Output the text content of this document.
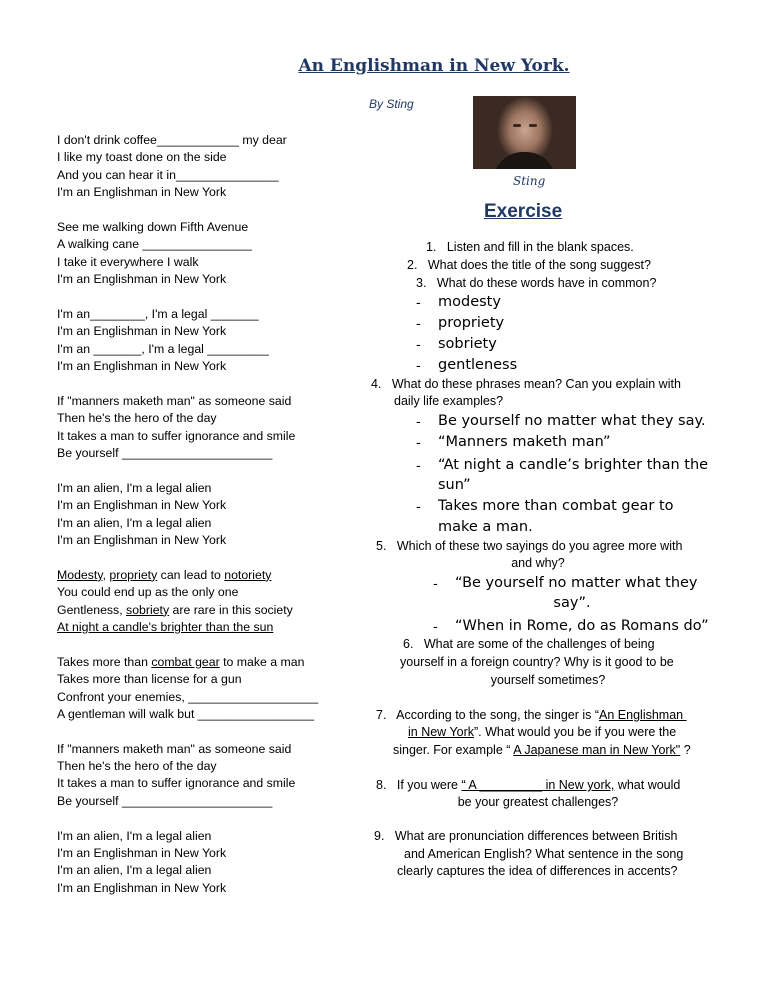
An Englishman in New York.
By Sting
Sting
Exercise
I don't drink coffee____________ my dear
I like my toast done on the side
And you can hear it in_______________
I'm an Englishman in New York
See me walking down Fifth Avenue
A walking cane ________________
I take it everywhere I walk
I'm an Englishman in New York
I'm an________, I'm a legal _______
I'm an Englishman in New York
I'm an _______, I'm a legal _________
I'm an Englishman in New York
If "manners maketh man" as someone said
Then he's the hero of the day
It takes a man to suffer ignorance and smile
Be yourself ______________________
I'm an alien, I'm a legal alien
I'm an Englishman in New York
I'm an alien, I'm a legal alien
I'm an Englishman in New York
Modesty, propriety can lead to notoriety
You could end up as the only one
Gentleness, sobriety are rare in this society
At night a candle's brighter than the sun
Takes more than combat gear to make a man
Takes more than license for a gun
Confront your enemies, ___________________
A gentleman will walk but _________________
If "manners maketh man" as someone said
Then he's the hero of the day
It takes a man to suffer ignorance and smile
Be yourself ______________________
I'm an alien, I'm a legal alien
I'm an Englishman in New York
I'm an alien, I'm a legal alien
I'm an Englishman in New York
1.   Listen and fill in the blank spaces.
2.   What does the title of the song suggest?
3.   What do these words have in common?
- modesty
- propriety
- sobriety
- gentleness
4.   What do these phrases mean? Can you explain with
daily life examples?
- Be yourself no matter what they say.
- “Manners maketh man”
- “At night a candle’s brighter than the
sun”
- Takes more than combat gear to
make a man.
5.   Which of these two sayings do you agree more with
and why?
- “Be yourself no matter what they
say”.
- “When in Rome, do as Romans do”
6.   What are some of the challenges of being
yourself in a foreign country? Why is it good to be
yourself sometimes?
7.   According to the song, the singer is “An Englishman
in New York”. What would you be if you were the
singer. For example “ A Japanese man in New York" ?
8.   If you were “ A _________ in New york, what would
be your greatest challenges?
9.   What are pronunciation differences between British
and American English? What sentence in the song
clearly captures the idea of differences in accents?
